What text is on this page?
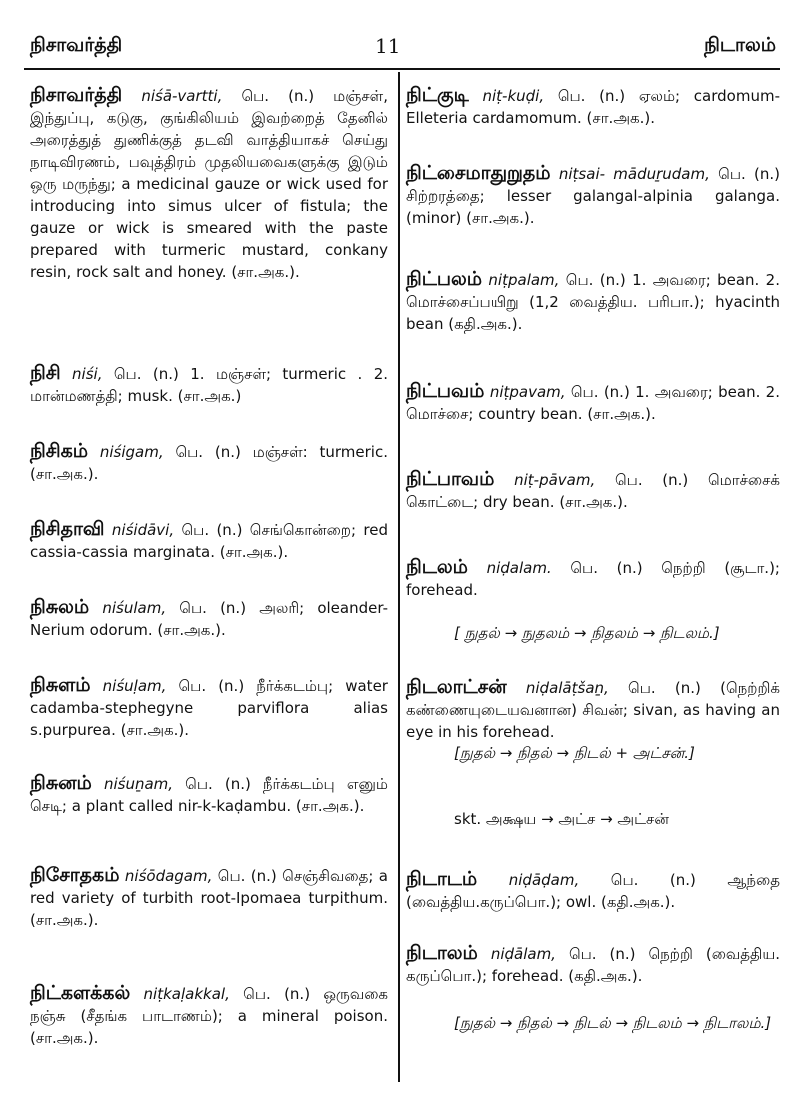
நிசாவர்த்தி	11	நிடாலம்
நிசாவர்த்தி niśā-vartti, பெ. (n.) மஞ்சள், இந்துப்பு, கடுகு, குங்கிலியம் இவற்றைத் தேனில் அரைத்துத் துணிக்குத் தடவி வாத்தியாகச் செய்து நாடிவிரணம், பவுத்திரம் முதலியவைகளுக்கு இடும் ஒரு மருந்து; a medicinal gauze or wick used for introducing into simus ulcer of fistula; the gauze or wick is smeared with the paste prepared with turmeric mustard, conkany resin, rock salt and honey. (சா.அக.).
நிசி niśi, பெ. (n.) 1. மஞ்சள்; turmeric . 2. மான்மணத்தி; musk. (சா.அக.)
நிசிகம் niśigam, பெ. (n.) மஞ்சள்: turmeric. (சா.அக.).
நிசிதாவி niśidāvi, பெ. (n.) செங்கொன்றை; red cassia-cassia marginata. (சா.அக.).
நிசுலம் niśulam, பெ. (n.) அலரி; oleander-Nerium odorum. (சா.அக.).
நிசுளம் niśuḷam, பெ. (n.) நீர்க்கடம்பு; water cadamba-stephegyne parviflora alias s.purpurea. (சா.அக.).
நிசுனம் niśuṉam, பெ. (n.) நீர்க்கடம்பு எனும் செடி; a plant called nir-k-kaḍambu. (சா.அக.).
நிசோதகம் niśōdagam, பெ. (n.) செஞ்சிவதை; a red variety of turbith root-Ipomaea turpithum. (சா.அக.).
நிட்களக்கல் niṭkaḷakkal, பெ. (n.) ஒருவகை நஞ்சு (சீதங்க பாடாணம்); a mineral poison. (சா.அக.).
நிட்குடி niṭ-kuḍi, பெ. (n.) ஏலம்; cardomum-Elleteria cardamomum. (சா.அக.).
நிட்சைமாதுறுதம் niṭsai- māduṟudam, பெ. (n.) சிற்றரத்தை; lesser galangal-alpinia galanga. (minor) (சா.அக.).
நிட்பலம் niṭpalam, பெ. (n.) 1. அவரை; bean. 2. மொச்சைப்பயிறு (1,2 வைத்திய. பரிபா.); hyacinth bean (கதி.அக.).
நிட்பவம் niṭpavam, பெ. (n.) 1. அவரை; bean. 2. மொச்சை; country bean. (சா.அக.).
நிட்பாவம் niṭ-pāvam, பெ. (n.) மொச்சைக் கொட்டை; dry bean. (சா.அக.).
நிடலம் niḍalam. பெ. (n.) நெற்றி (சூடா.); forehead.
[ நுதல் → நுதலம் → நிதலம் → நிடலம்.]
நிடலாட்சன் niḍalāṭšaṉ, பெ. (n.) (நெற்றிக் கண்ணையுடையவனான) சிவன்; sivan, as having an eye in his forehead.
[நுதல் → நிதல் → நிடல் + அட்சன்.]
skt. அக்ஷய → அட்ச → அட்சன்
நிடாடம் niḍāḍam, பெ. (n.) ஆந்தை (வைத்திய.கருப்பொ.); owl. (கதி.அக.).
நிடாலம் niḍālam, பெ. (n.) நெற்றி (வைத்திய. கருப்பொ.); forehead. (கதி.அக.).
[நுதல் → நிதல் → நிடல் → நிடலம் → நிடாலம்.]
